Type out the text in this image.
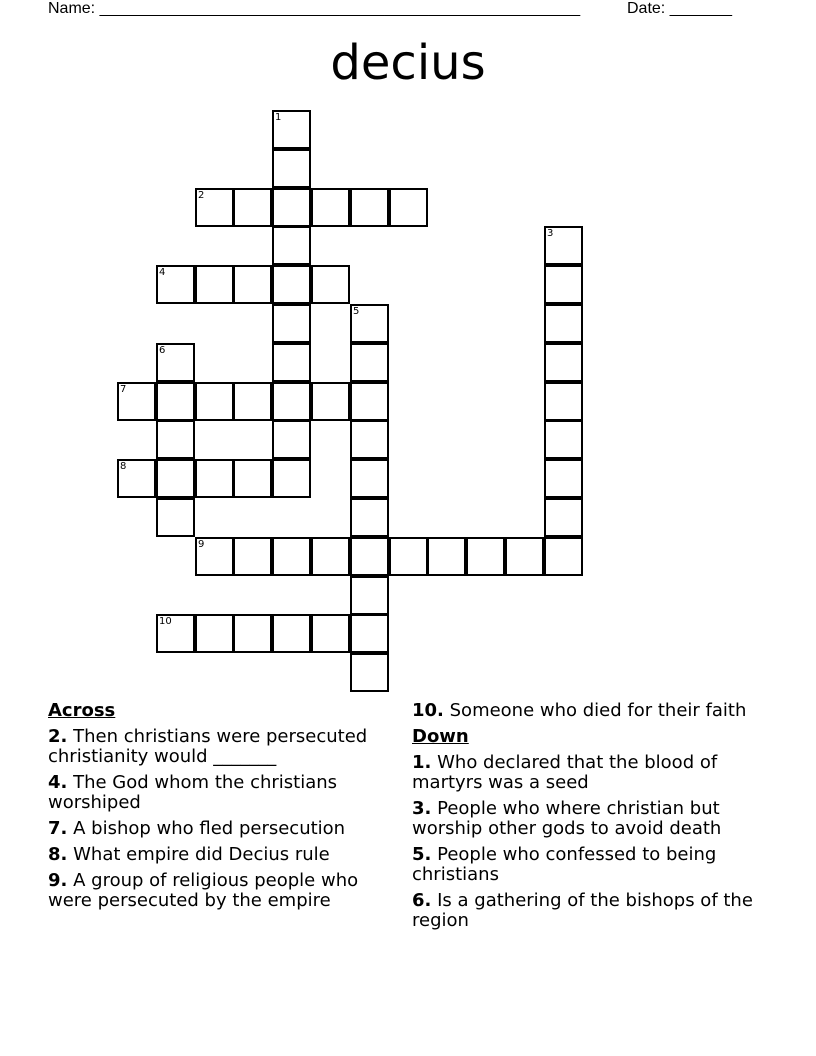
Name: ______________________________________________________	Date: _______
decius
1
2
3
4
5
6
7
8
9
10
Across
2. Then christians were persecuted christianity would _______
4. The God whom the christians worshiped
7. A bishop who fled persecution
8. What empire did Decius rule
9. A group of religious people who were persecuted by the empire
10. Someone who died for their faith
Down
1. Who declared that the blood of martyrs was a seed
3. People who where christian but worship other gods to avoid death
5. People who confessed to being christians
6. Is a gathering of the bishops of the region
